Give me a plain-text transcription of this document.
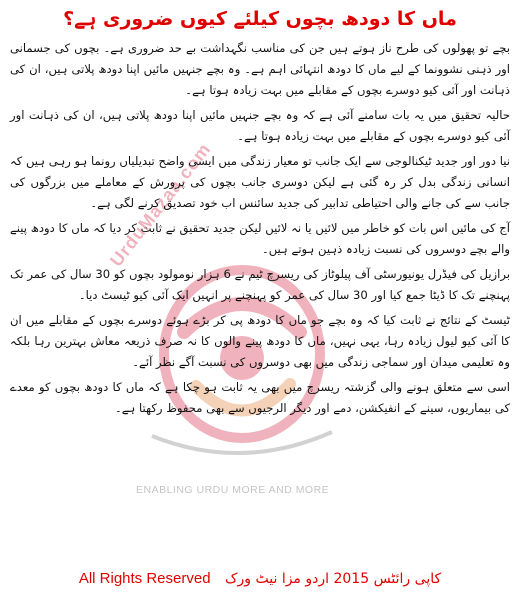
ماں کا دودھ بچوں کیلئے کیوں ضروری ہے؟
UrduMazaa.com
ENABLING URDU MORE AND MORE

بچے تو پھولوں کی طرح ناز ہوتے ہیں جن کی مناسب نگہداشت بے حد ضروری ہے۔ بچوں کی جسمانی اور ذہنی نشوونما کے لیے ماں کا دودھ انتہائی اہم ہے۔ وہ بچے جنہیں مائیں اپنا دودھ پلاتی ہیں، ان کی ذہانت اور آئی کیو دوسرے بچوں کے مقابلے میں بہت زیادہ ہوتا ہے۔

حالیہ تحقیق میں یہ بات سامنے آئی ہے کہ وہ بچے جنہیں مائیں اپنا دودھ پلاتی ہیں، ان کی ذہانت اور آئی کیو دوسرے بچوں کے مقابلے میں بہت زیادہ ہوتا ہے۔

نیا دور اور جدید ٹیکنالوجی سے ایک جانب تو معیار زندگی میں ایسی واضح تبدیلیاں رونما ہو رہی ہیں کہ انسانی زندگی بدل کر رہ گئی ہے لیکن دوسری جانب بچوں کی پرورش کے معاملے میں بزرگوں کی جانب سے کی جانے والی احتیاطی تدابیر کی جدید سائنس اب خود تصدیق کرنے لگی ہے۔

آج کی مائیں اس بات کو خاطر میں لائیں یا نہ لائیں لیکن جدید تحقیق نے ثابت کر دیا کہ ماں کا دودھ پینے والے بچے دوسروں کی نسبت زیادہ ذہین ہوتے ہیں۔

برازیل کی فیڈرل یونیورسٹی آف پیلوٹاز کی ریسرچ ٹیم نے 6 ہزار نومولود بچوں کو 30 سال کی عمر تک پہنچنے تک کا ڈیٹا جمع کیا اور 30 سال کی عمر کو پہنچنے پر انہیں ایک آئی کیو ٹیسٹ دیا۔

ٹیسٹ کے نتائج نے ثابت کیا کہ وہ بچے جو ماں کا دودھ پی کر بڑے ہوئے دوسرے بچوں کے مقابلے میں ان کا آئی کیو لیول زیادہ رہا، یہی نہیں، ماں کا دودھ پینے والوں کا نہ صرف ذریعہ معاش بہترین رہا بلکہ وہ تعلیمی میدان اور سماجی زندگی میں بھی دوسروں کی نسبت آگے نظر آئے۔

اسی سے متعلق ہونے والی گزشتہ ریسرچ میں بھی یہ ثابت ہو چکا ہے کہ ماں کا دودھ بچوں کو معدے کی بیماریوں، سینے کے انفیکشن، دمے اور دیگر الرجیوں سے بھی محفوظ رکھتا ہے۔

All Rights Reserved کاپی رائٹس 2015 اردو مزا نیٹ ورک
